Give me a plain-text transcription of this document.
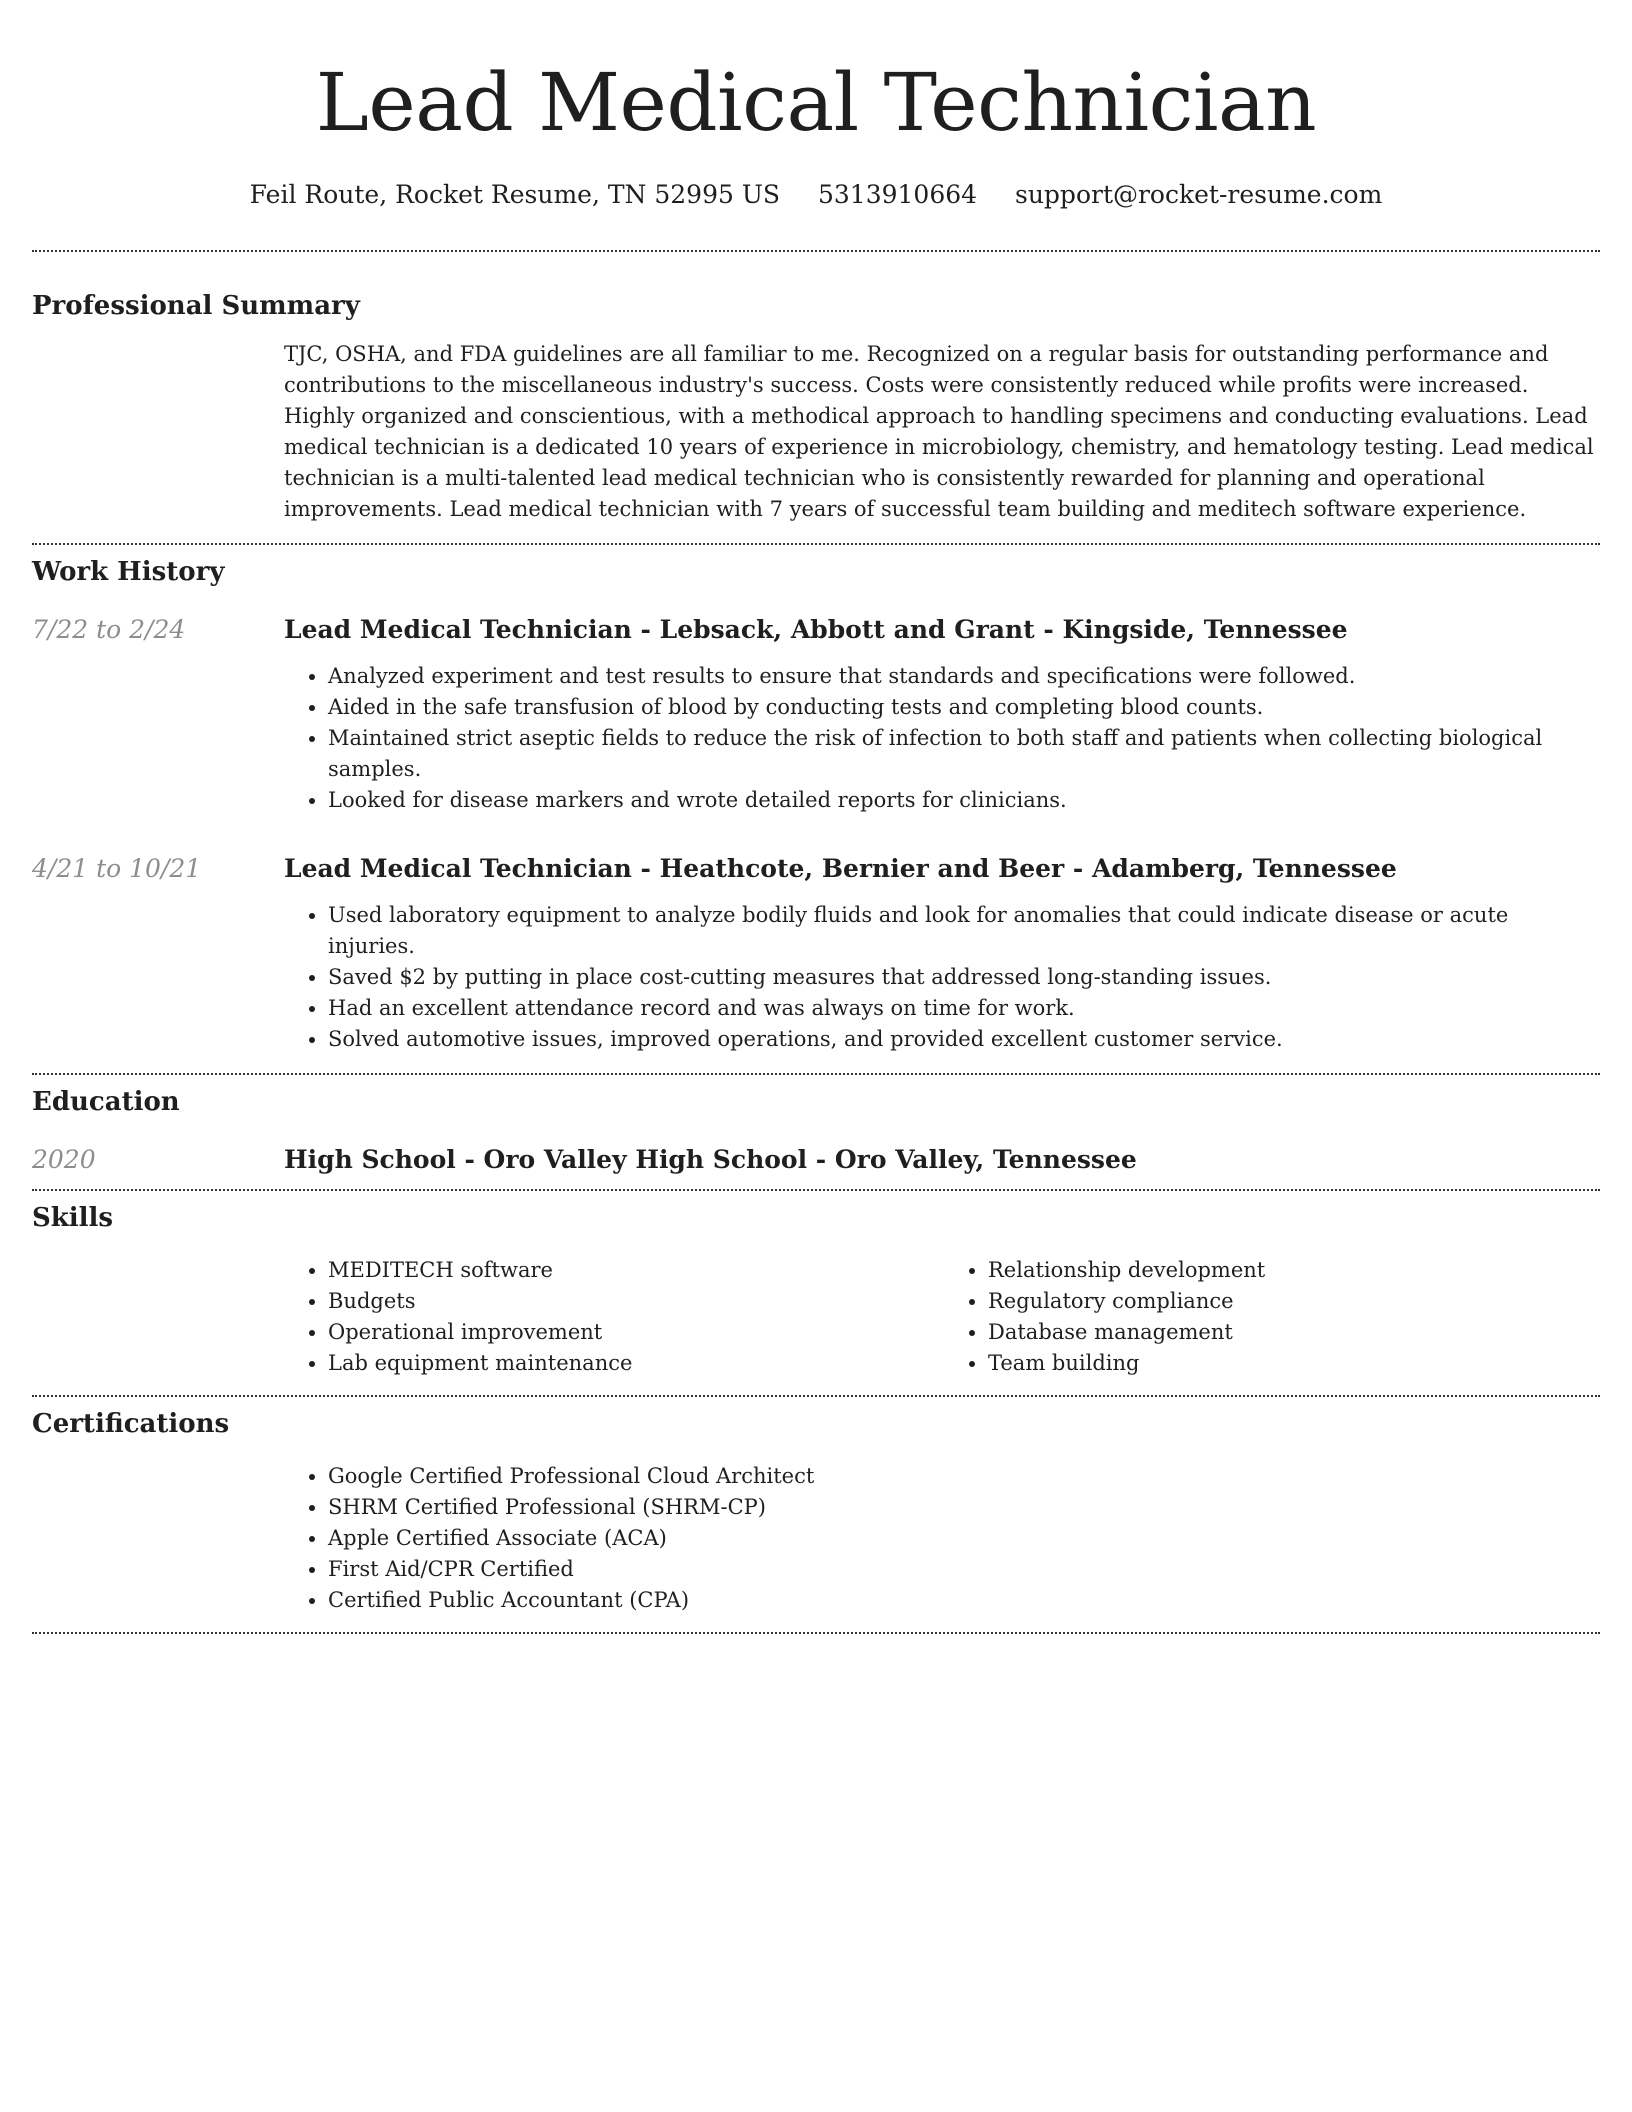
Lead Medical Technician
Feil Route, Rocket Resume, TN 52995 US 5313910664 support@rocket-resume.com
Professional Summary

TJC, OSHA, and FDA guidelines are all familiar to me. Recognized on a regular basis for outstanding performance and contributions to the miscellaneous industry's success. Costs were consistently reduced while profits were increased. Highly organized and conscientious, with a methodical approach to handling specimens and conducting evaluations. Lead medical technician is a dedicated 10 years of experience in microbiology, chemistry, and hematology testing. Lead medical technician is a multi-talented lead medical technician who is consistently rewarded for planning and operational improvements. Lead medical technician with 7 years of successful team building and meditech software experience.

Work History
7/22 to 2/24	Lead Medical Technician - Lebsack, Abbott and Grant - Kingside, Tennessee
• Analyzed experiment and test results to ensure that standards and specifications were followed.
• Aided in the safe transfusion of blood by conducting tests and completing blood counts.
• Maintained strict aseptic fields to reduce the risk of infection to both staff and patients when collecting biological samples.
• Looked for disease markers and wrote detailed reports for clinicians.
4/21 to 10/21	Lead Medical Technician - Heathcote, Bernier and Beer - Adamberg, Tennessee
• Used laboratory equipment to analyze bodily fluids and look for anomalies that could indicate disease or acute injuries.
• Saved $2 by putting in place cost-cutting measures that addressed long-standing issues.
• Had an excellent attendance record and was always on time for work.
• Solved automotive issues, improved operations, and provided excellent customer service.
Education
2020	High School - Oro Valley High School - Oro Valley, Tennessee
Skills
• MEDITECH software
• Budgets
• Operational improvement
• Lab equipment maintenance
• Relationship development
• Regulatory compliance
• Database management
• Team building
Certifications
• Google Certified Professional Cloud Architect
• SHRM Certified Professional (SHRM-CP)
• Apple Certified Associate (ACA)
• First Aid/CPR Certified
• Certified Public Accountant (CPA)
